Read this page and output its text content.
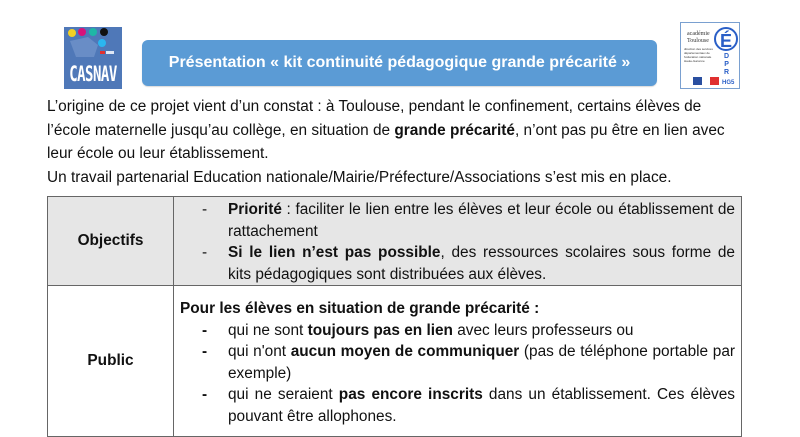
CASNAV
Présentation « kit continuité pédagogique grande précarité »
académie
Toulouse
direction des services départementaux de l'éducation nationale Haute-Garonne
É
D
P
R
HG5

L’origine de ce projet vient d’un constat : à Toulouse, pendant le confinement, certains élèves de l’école maternelle jusqu’au collège, en situation de grande précarité, n’ont pas pu être en lien avec leur école ou leur établissement.

Un travail partenarial Education nationale/Mairie/Préfecture/Associations s’est mis en place.

Objectifs	
- Priorité : faciliter le lien entre les élèves et leur école ou établissement de rattachement
- Si le lien n’est pas possible, des ressources scolaires sous forme de kits pédagogiques sont distribuées aux élèves.

Public	
Pour les élèves en situation de grande précarité :
- qui ne sont toujours pas en lien avec leurs professeurs ou
- qui n'ont aucun moyen de communiquer (pas de téléphone portable par exemple)
- qui ne seraient pas encore inscrits dans un établissement. Ces élèves pouvant être allophones.
